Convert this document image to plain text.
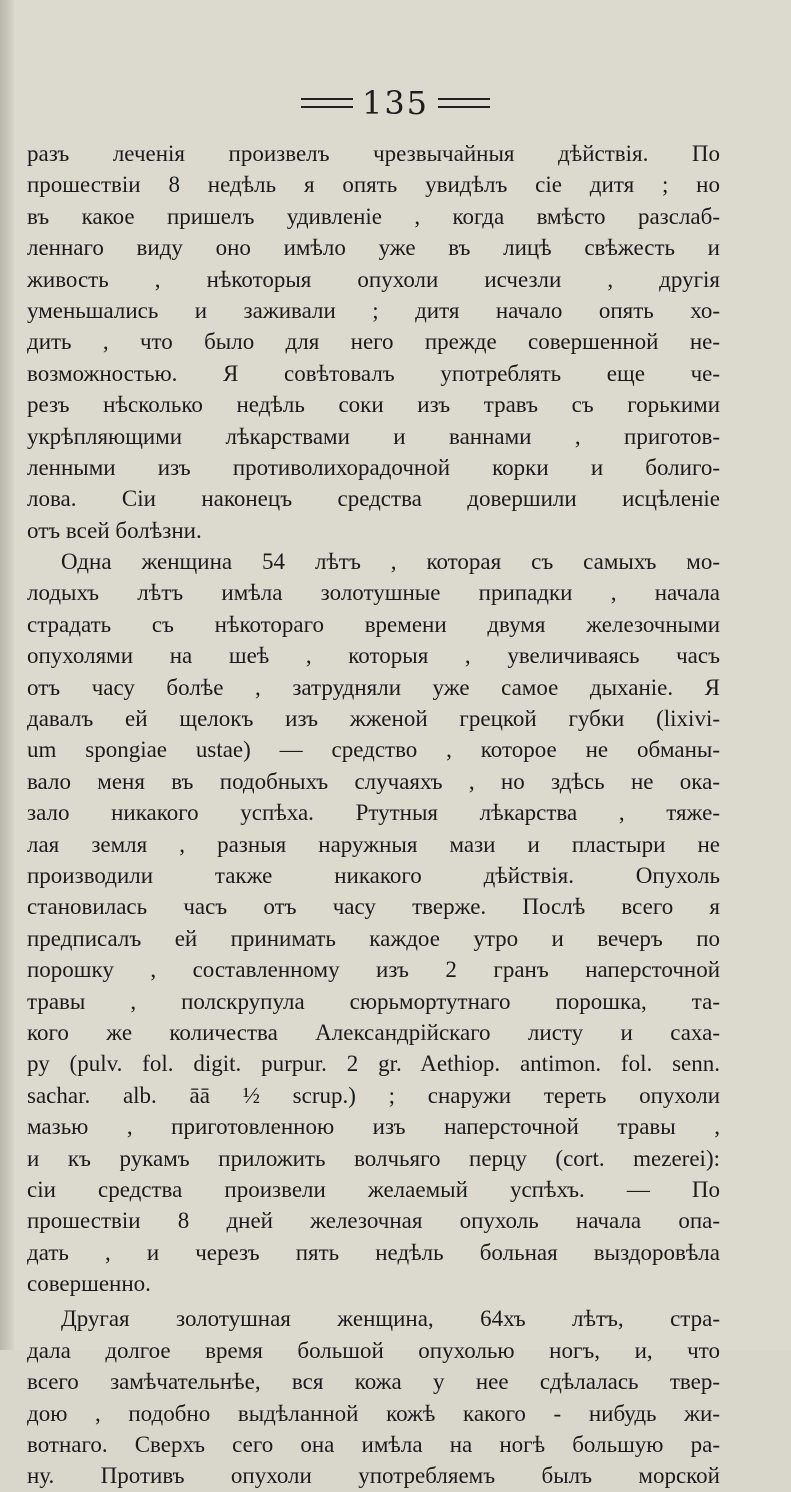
135
разъ леченія произвелъ чрезвычайныя дѣйствія. По
прошествіи 8 недѣль я опять увидѣлъ сіе дитя ; но
въ какое пришелъ удивленіе , когда вмѣсто разслаб-
леннаго виду оно имѣло уже въ лицѣ свѣжесть и
живость , нѣкоторыя опухоли исчезли , другія
уменьшались и заживали ; дитя начало опять хо-
дить , что было для него прежде совершенной не-
возможностью. Я совѣтовалъ употреблять еще че-
резъ нѣсколько недѣль соки изъ травъ съ горькими
укрѣпляющими лѣкарствами и ваннами , приготов-
ленными изъ противолихорадочной корки и болиго-
лова. Сіи наконецъ средства довершили исцѣленіе
отъ всей болѣзни.
Одна женщина 54 лѣтъ , которая съ самыхъ мо-
лодыхъ лѣтъ имѣла золотушные припадки , начала
страдать съ нѣкотораго времени двумя железочными
опухолями на шеѣ , которыя , увеличиваясь часъ
отъ часу болѣе , затрудняли уже самое дыханіе. Я
давалъ ей щелокъ изъ жженой грецкой губки (lixivi-
um spongiae ustae) — средство , которое не обманы-
вало меня въ подобныхъ случаяхъ , но здѣсь не ока-
зало никакого успѣха. Ртутныя лѣкарства , тяже-
лая земля , разныя наружныя мази и пластыри не
производили также никакого дѣйствія. Опухоль
становилась часъ отъ часу тверже. Послѣ всего я
предписалъ ей принимать каждое утро и вечеръ по
порошку , составленному изъ 2 гранъ наперсточной
травы , полскрупула сюрьмортутнаго порошка, та-
кого же количества Александрійскаго листу и саха-
ру (pulv. fol. digit. purpur. 2 gr. Aethiop. antimon. fol. senn.
sachar. alb. āā ½ scrup.) ; снаружи тереть опухоли
мазью , приготовленною изъ наперсточной травы ,
и къ рукамъ приложить волчьяго перцу (cort. mezerei):
сіи средства произвели желаемый успѣхъ. — По
прошествіи 8 дней железочная опухоль начала опа-
дать , и черезъ пять недѣль больная выздоровѣла
совершенно.
Другая золотушная женщина, 64хъ лѣтъ, стра-
дала долгое время большой опухолью ногъ, и, что
всего замѣчательнѣе, вся кожа у нее сдѣлалась твер-
дою , подобно выдѣланной кожѣ какого - нибудь жи-
вотнаго. Сверхъ сего она имѣла на ногѣ большую ра-
ну. Противъ опухоли употребляемъ былъ морской
